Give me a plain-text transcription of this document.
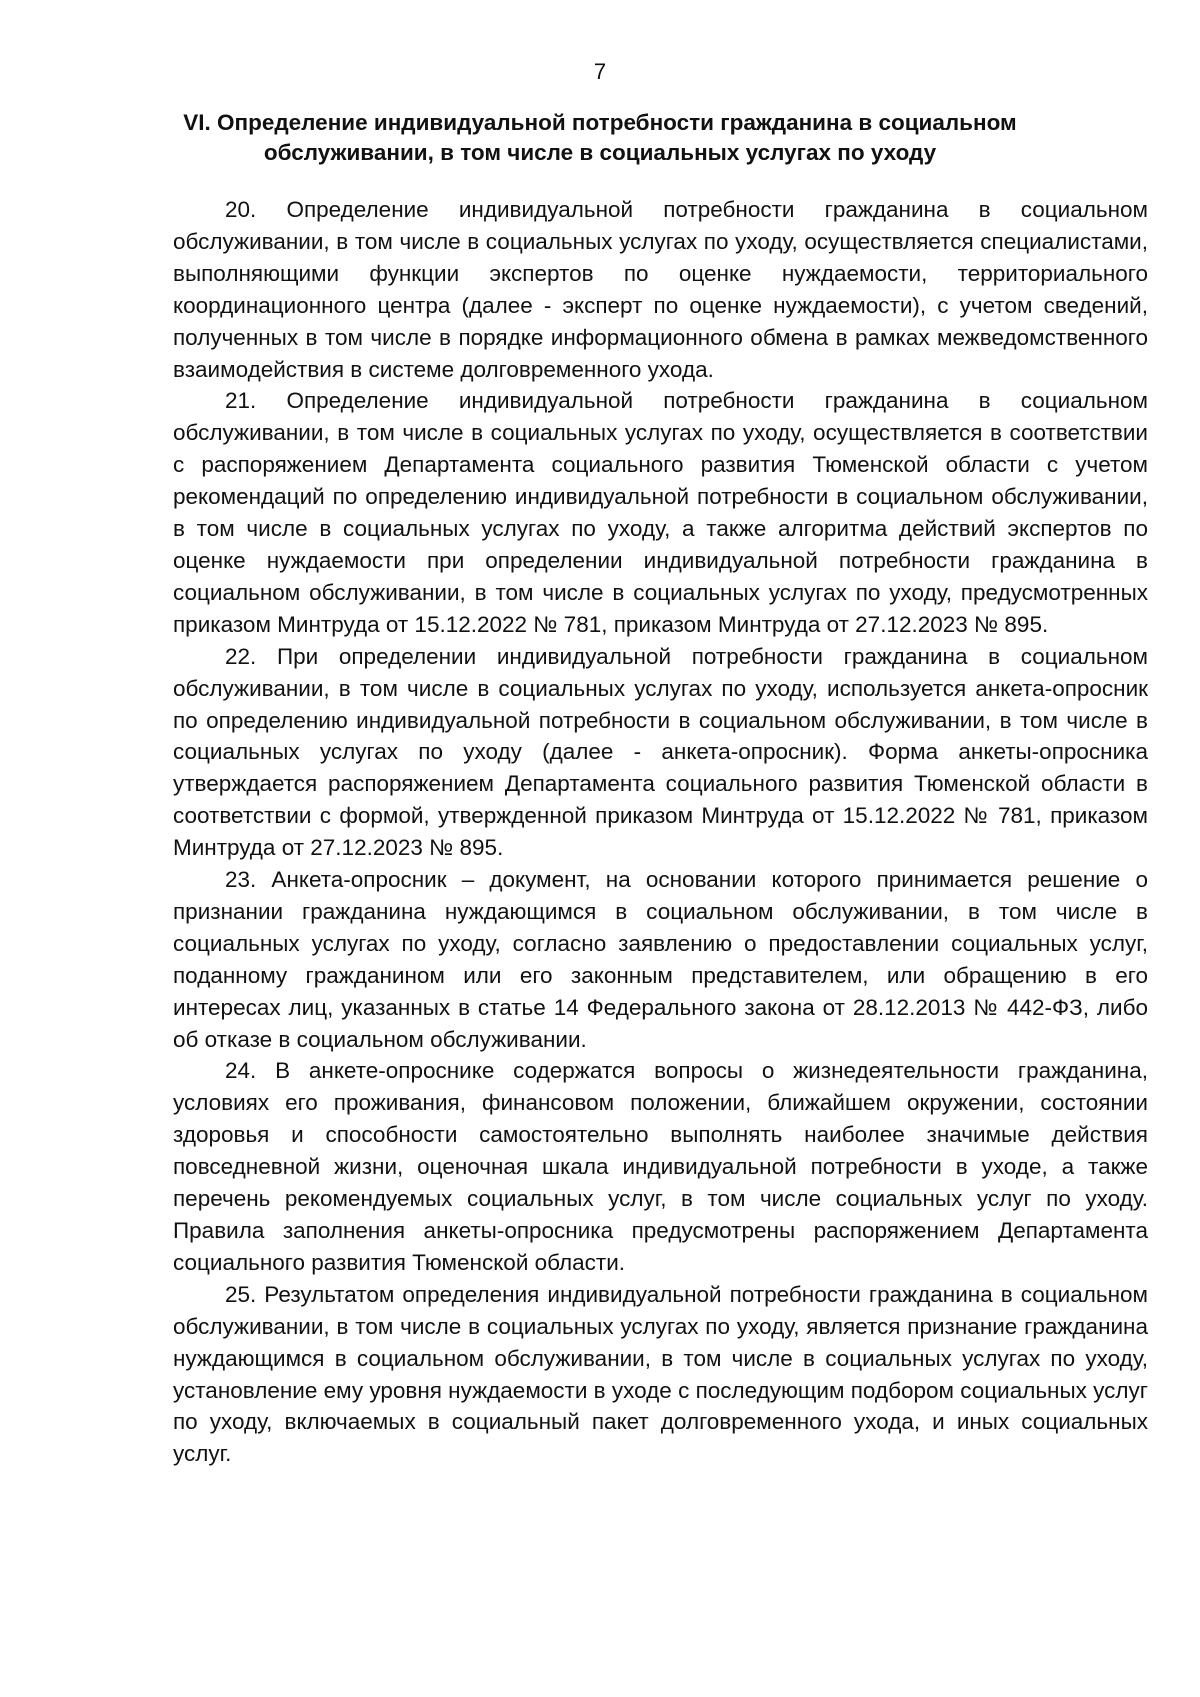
7
VI. Определение индивидуальной потребности гражданина в социальном обслуживании, в том числе в социальных услугах по уходу

20. Определение индивидуальной потребности гражданина в социальном обслуживании, в том числе в социальных услугах по уходу, осуществляется специалистами, выполняющими функции экспертов по оценке нуждаемости, территориального координационного центра (далее - эксперт по оценке нуждаемости), с учетом сведений, полученных в том числе в порядке информационного обмена в рамках межведомственного взаимодействия в системе долговременного ухода.

21. Определение индивидуальной потребности гражданина в социальном обслуживании, в том числе в социальных услугах по уходу, осуществляется в соответствии с распоряжением Департамента социального развития Тюменской области с учетом рекомендаций по определению индивидуальной потребности в социальном обслуживании, в том числе в социальных услугах по уходу, а также алгоритма действий экспертов по оценке нуждаемости при определении индивидуальной потребности гражданина в социальном обслуживании, в том числе в социальных услугах по уходу, предусмотренных приказом Минтруда от 15.12.2022 № 781, приказом Минтруда от 27.12.2023 № 895.

22. При определении индивидуальной потребности гражданина в социальном обслуживании, в том числе в социальных услугах по уходу, используется анкета-опросник по определению индивидуальной потребности в социальном обслуживании, в том числе в социальных услугах по уходу (далее - анкета-опросник). Форма анкеты-опросника утверждается распоряжением Департамента социального развития Тюменской области в соответствии с формой, утвержденной приказом Минтруда от 15.12.2022 № 781, приказом Минтруда от 27.12.2023 № 895.

23. Анкета-опросник – документ, на основании которого принимается решение о признании гражданина нуждающимся в социальном обслуживании, в том числе в социальных услугах по уходу, согласно заявлению о предоставлении социальных услуг, поданному гражданином или его законным представителем, или обращению в его интересах лиц, указанных в статье 14 Федерального закона от 28.12.2013 № 442-ФЗ, либо об отказе в социальном обслуживании.

24. В анкете-опроснике содержатся вопросы о жизнедеятельности гражданина, условиях его проживания, финансовом положении, ближайшем окружении, состоянии здоровья и способности самостоятельно выполнять наиболее значимые действия повседневной жизни, оценочная шкала индивидуальной потребности в уходе, а также перечень рекомендуемых социальных услуг, в том числе социальных услуг по уходу. Правила заполнения анкеты-опросника предусмотрены распоряжением Департамента социального развития Тюменской области.

25. Результатом определения индивидуальной потребности гражданина в социальном обслуживании, в том числе в социальных услугах по уходу, является признание гражданина нуждающимся в социальном обслуживании, в том числе в социальных услугах по уходу, установление ему уровня нуждаемости в уходе с последующим подбором социальных услуг по уходу, включаемых в социальный пакет долговременного ухода, и иных социальных услуг.
